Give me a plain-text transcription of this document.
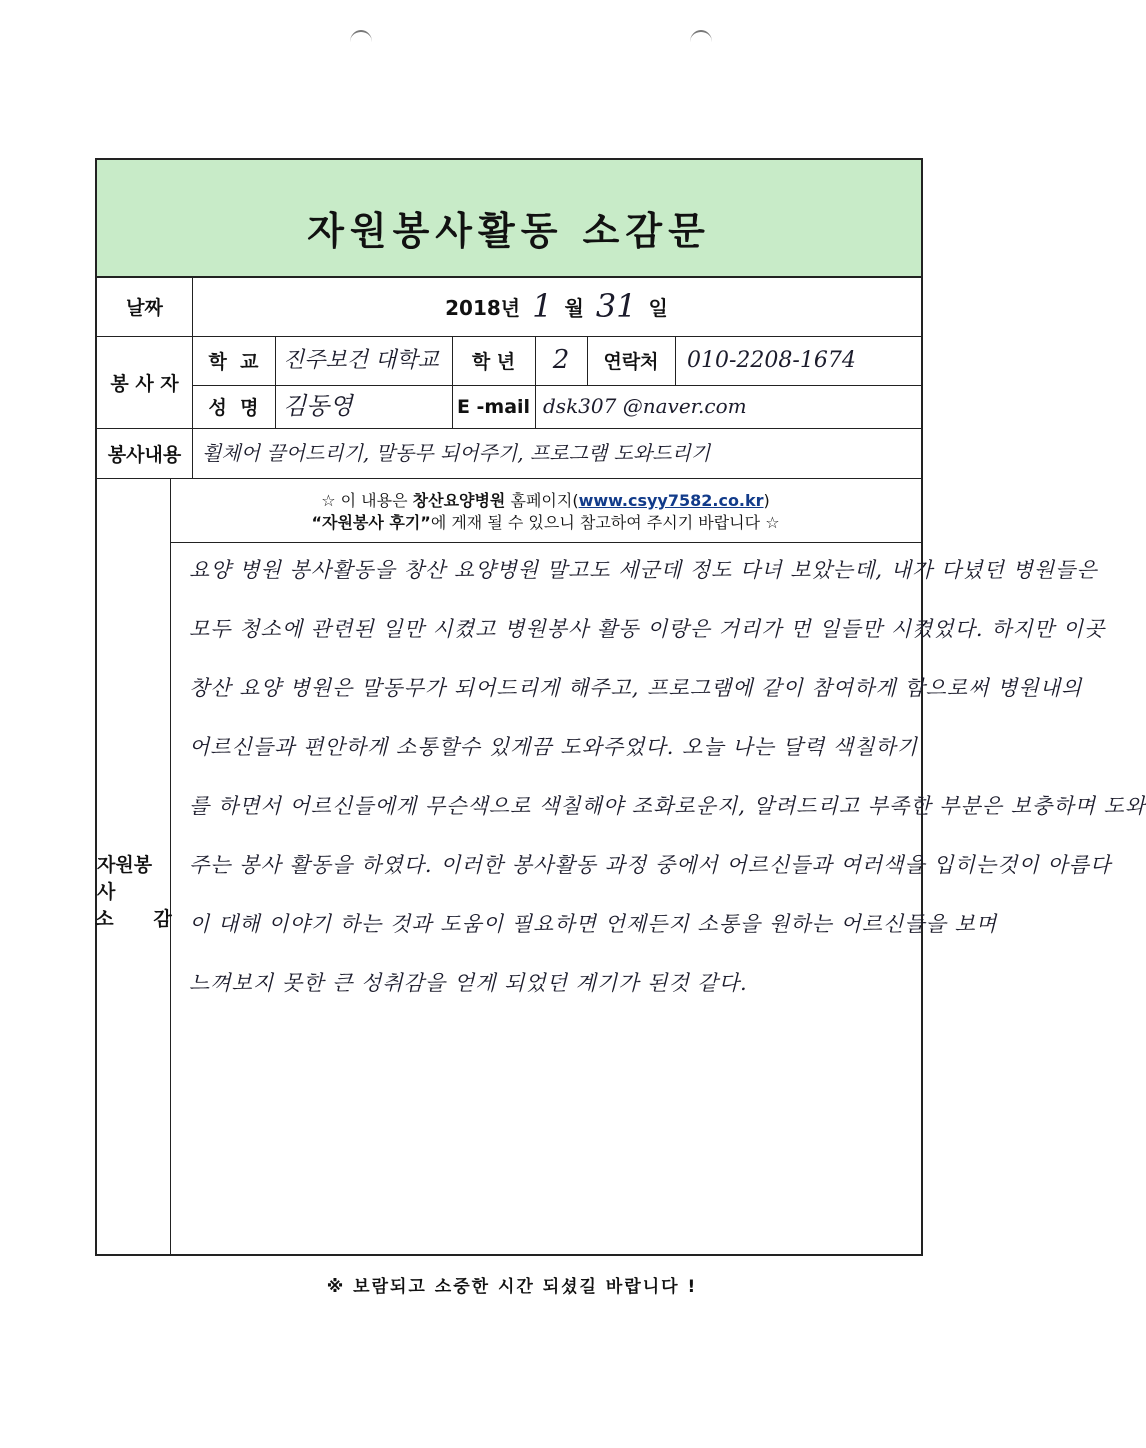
자원봉사활동 소감문
날짜	2018년 1 월 31 일
봉 사 자
학  교	진주보건 대학교	학 년	2	연락처	010-2208-1674
성  명	김동영	E -mail dsk307 @naver.com
봉사내용	휠체어 끌어드리기, 말동무 되어주기, 프로그램 도와드리기
☆ 이 내용은 창산요양병원 홈페이지(www.csyy7582.co.kr)
“자원봉사 후기”에 게재 될 수 있으니 참고하여 주시기 바랍니다 ☆
자원봉사
소      감
요양 병원 봉사활동을 창산 요양병원 말고도 세군데 정도 다녀 보았는데, 내가 다녔던 병원들은
모두 청소에 관련된 일만 시켰고 병원봉사 활동 이랑은 거리가 먼 일들만 시켰었다. 하지만 이곳
창산 요양 병원은 말동무가 되어드리게 해주고, 프로그램에 같이 참여하게 함으로써 병원내의
어르신들과 편안하게 소통할수 있게끔 도와주었다. 오늘 나는 달력 색칠하기
를 하면서 어르신들에게 무슨색으로 색칠해야 조화로운지, 알려드리고 부족한 부분은 보충하며 도와
주는 봉사 활동을 하였다. 이러한 봉사활동 과정 중에서 어르신들과 여러색을 입히는것이 아름다
이 대해 이야기 하는 것과 도움이 필요하면 언제든지 소통을 원하는 어르신들을 보며
느껴보지 못한 큰 성취감을 얻게 되었던 계기가 된것 같다.
※ 보람되고 소중한 시간 되셨길 바랍니다 !
